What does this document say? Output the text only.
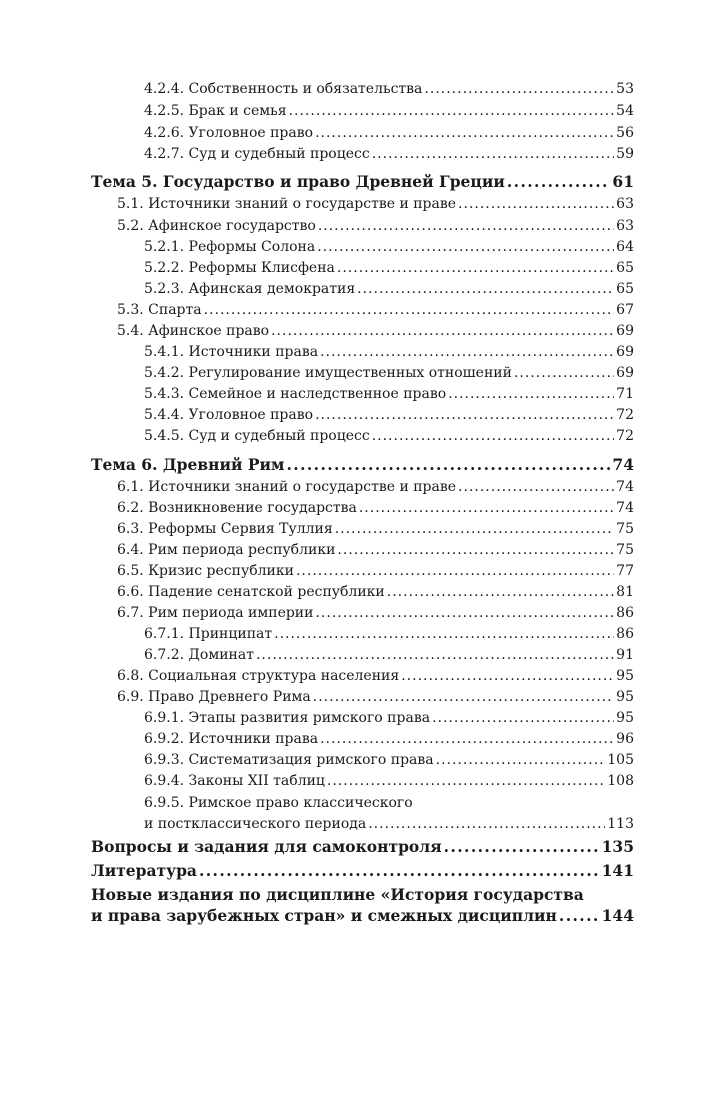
4.2.4. Собственность и обязательства .....	53
4.2.5. Брак и семья .....	54
4.2.6. Уголовное право .....	56
4.2.7. Суд и судебный процесс .....	59
Тема 5. Государство и право Древней Греции .....	61
5.1. Источники знаний о государстве и праве .....	63
5.2. Афинское государство .....	63
5.2.1. Реформы Солона .....	64
5.2.2. Реформы Клисфена .....	65
5.2.3. Афинская демократия .....	65
5.3. Спарта .....	67
5.4. Афинское право .....	69
5.4.1. Источники права .....	69
5.4.2. Регулирование имущественных отношений .....	69
5.4.3. Семейное и наследственное право .....	71
5.4.4. Уголовное право .....	72
5.4.5. Суд и судебный процесс .....	72
Тема 6. Древний Рим .....	74
6.1. Источники знаний о государстве и праве .....	74
6.2. Возникновение государства .....	74
6.3. Реформы Сервия Туллия .....	75
6.4. Рим периода республики .....	75
6.5. Кризис республики .....	77
6.6. Падение сенатской республики .....	81
6.7. Рим периода империи .....	86
6.7.1. Принципат .....	86
6.7.2. Доминат .....	91
6.8. Социальная структура населения .....	95
6.9. Право Древнего Рима .....	95
6.9.1. Этапы развития римского права .....	95
6.9.2. Источники права .....	96
6.9.3. Систематизация римского права .....	105
6.9.4. Законы XII таблиц .....	108
6.9.5. Римское право классического
и постклассического периода .....	113
Вопросы и задания для самоконтроля .....	135
Литература .....	141
Новые издания по дисциплине «История государства
и права зарубежных стран» и смежных дисциплин .....	144
